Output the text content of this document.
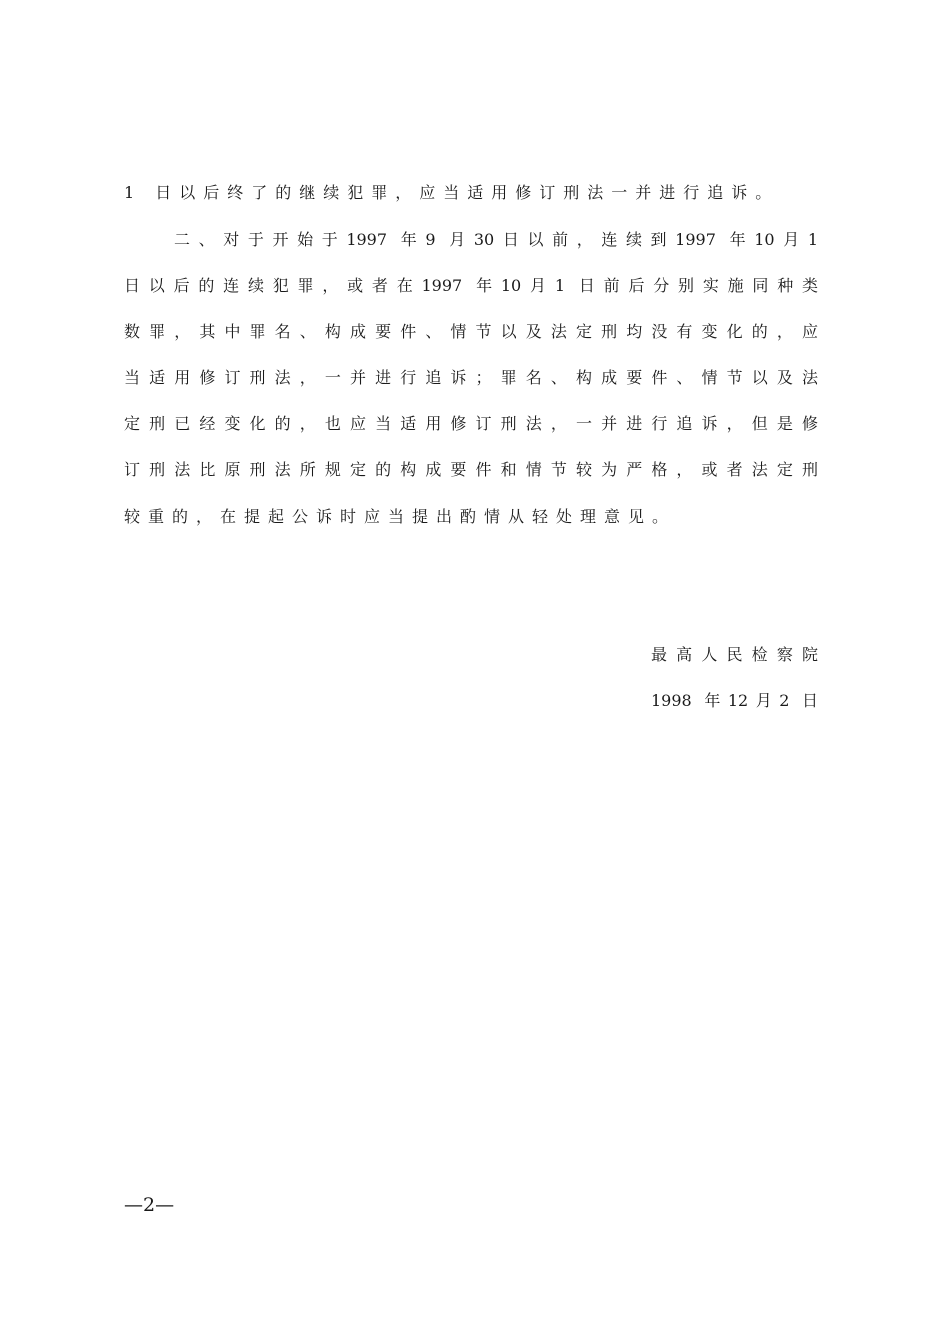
1 日以后终了的继续犯罪，应当适用修订刑法一并进行追诉。
二、对于开始于1997 年9 月30日以前，连续到1997 年10月1
日以后的连续犯罪，或者在1997 年10月1 日前后分别实施同种类
数罪，其中罪名、构成要件、情节以及法定刑均没有变化的，应
当适用修订刑法，一并进行追诉；罪名、构成要件、情节以及法
定刑已经变化的，也应当适用修订刑法，一并进行追诉，但是修
订刑法比原刑法所规定的构成要件和情节较为严格，或者法定刑
较重的，在提起公诉时应当提出酌情从轻处理意见。
最高人民检察院
1998 年12月2 日
—2—
